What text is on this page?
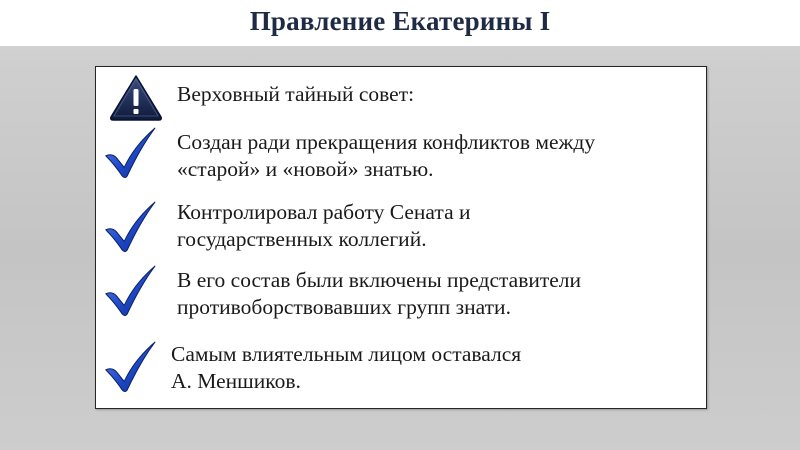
Правление Екатерины I
Верховный тайный совет:
Создан ради прекращения конфликтов между
«старой» и «новой» знатью.
Контролировал работу Сената и
государственных коллегий.
В его состав были включены представители
противоборствовавших групп знати.
Самым влиятельным лицом оставался
А. Меншиков.
